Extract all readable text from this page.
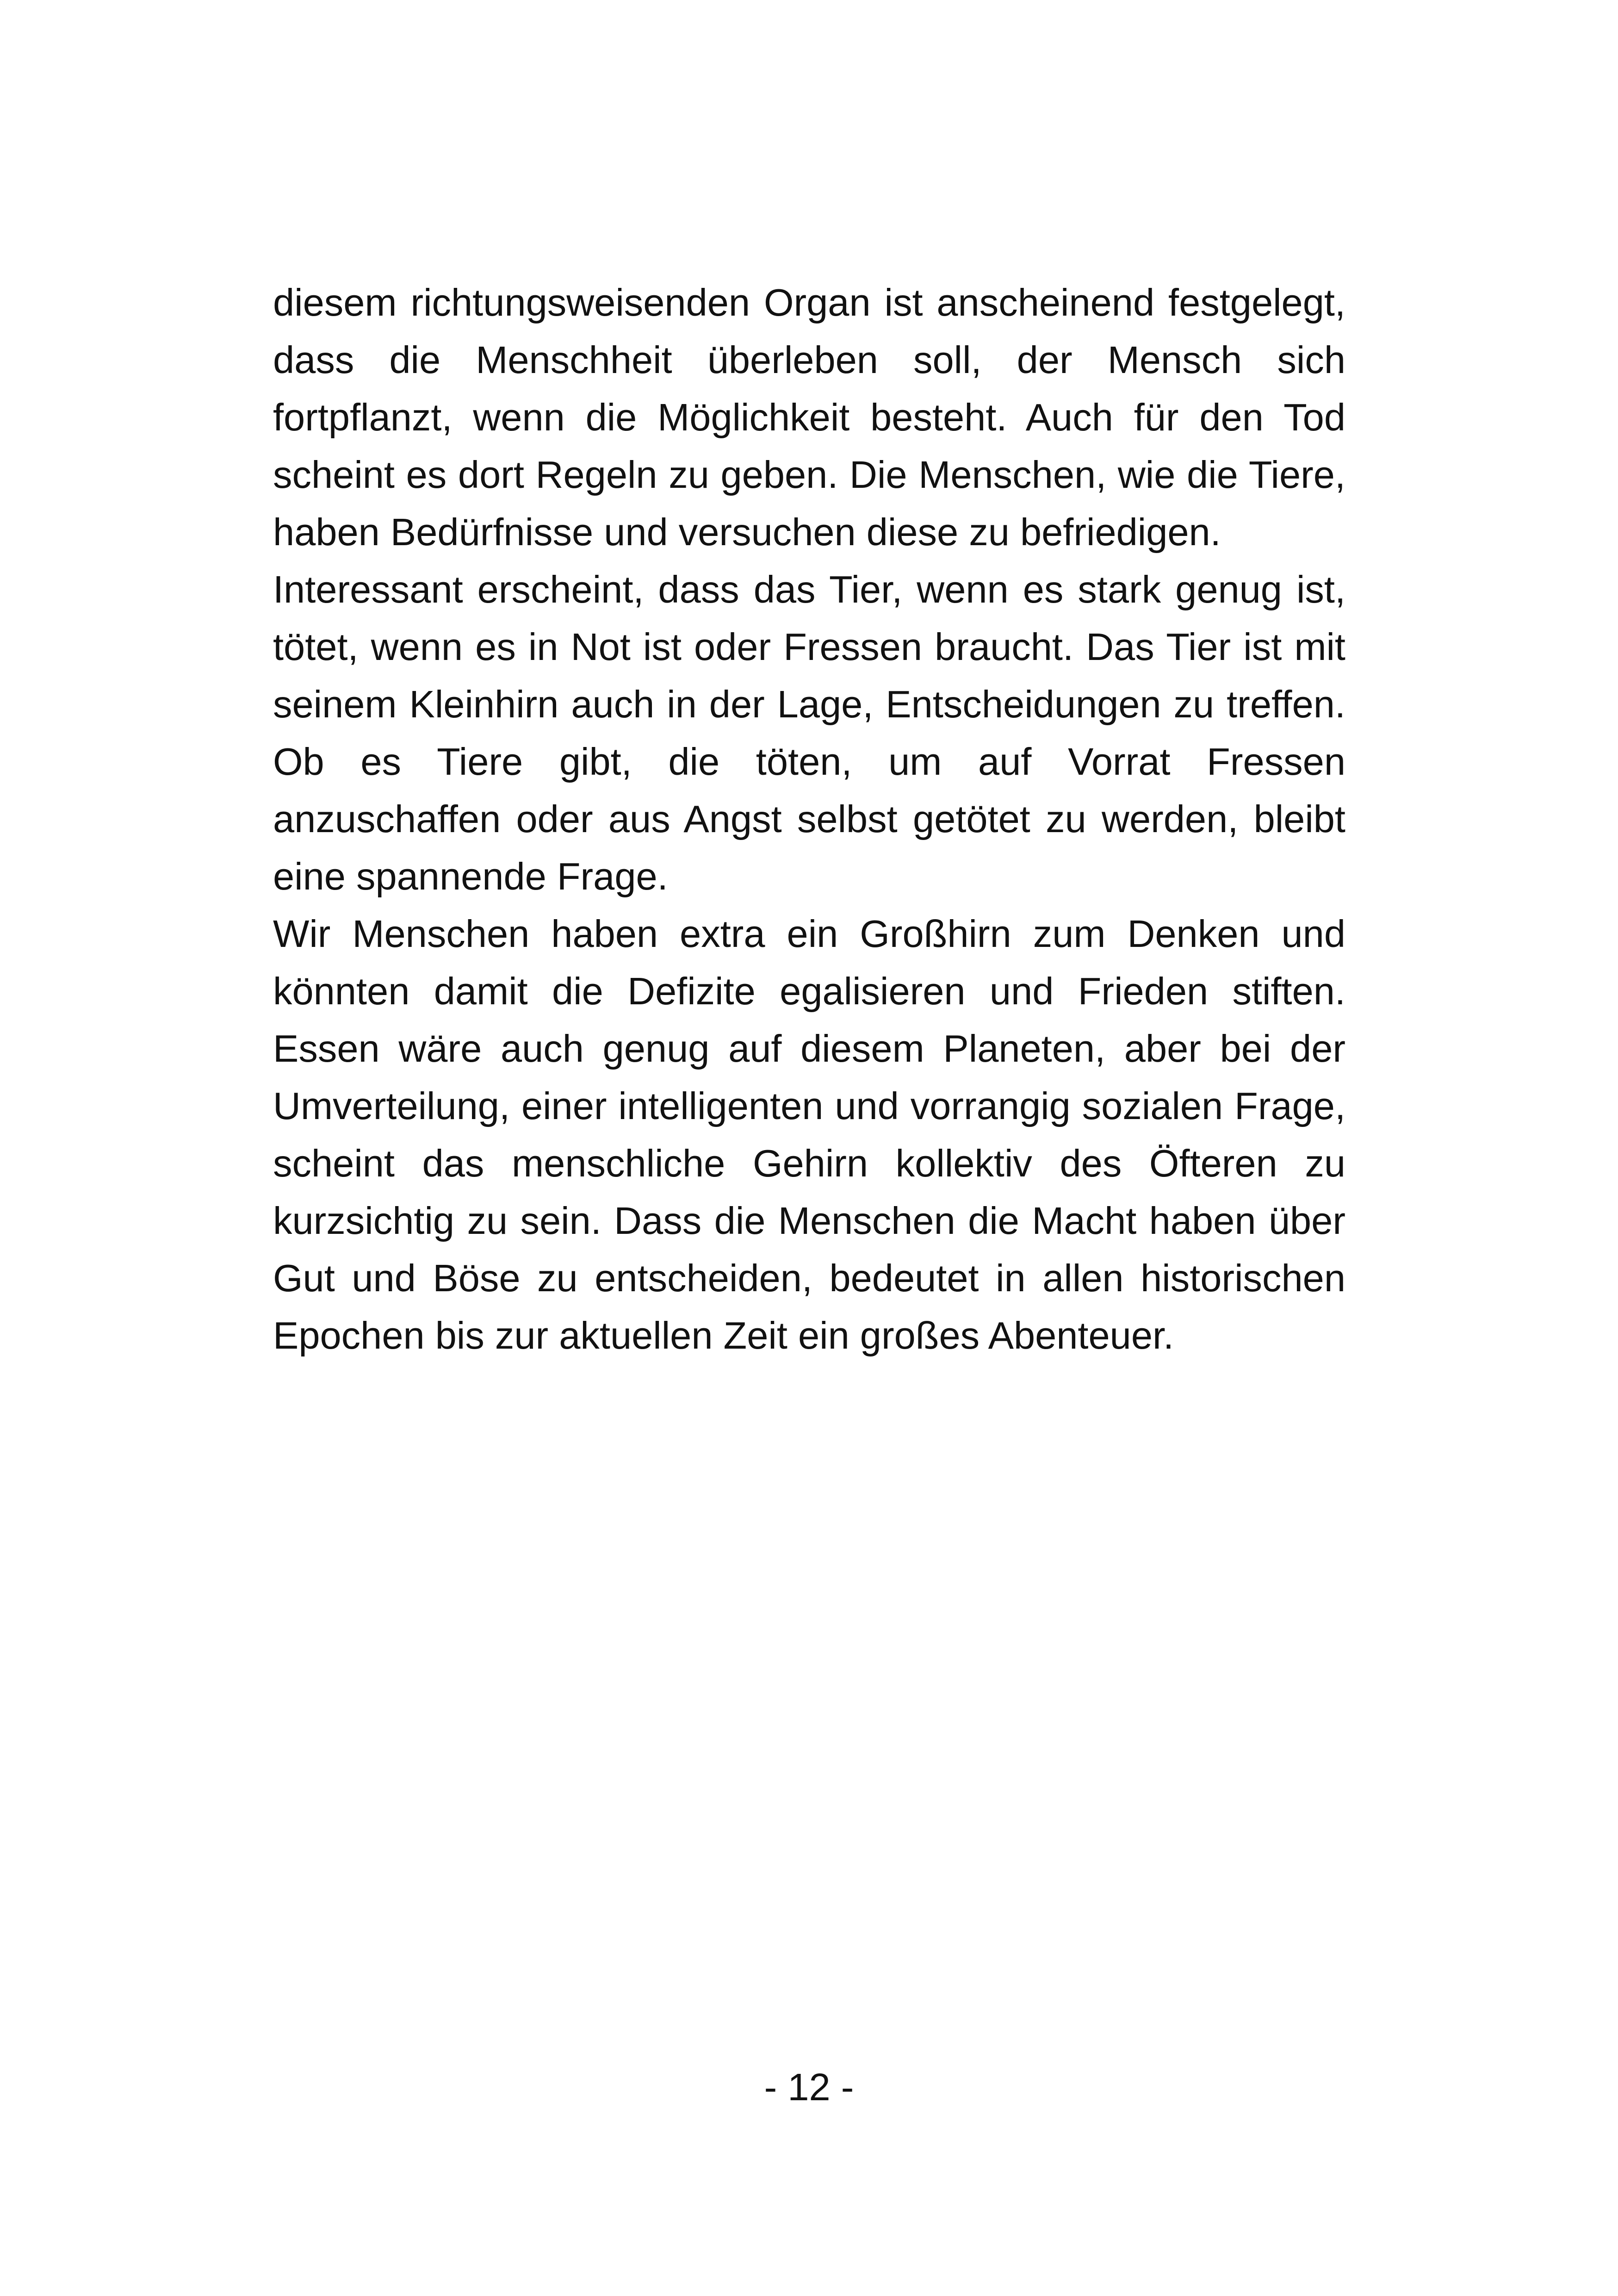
diesem richtungsweisenden Organ ist anscheinend festgelegt, dass die Menschheit überleben soll, der Mensch sich fortpflanzt, wenn die Möglichkeit besteht. Auch für den Tod scheint es dort Regeln zu geben. Die Menschen, wie die Tiere, haben Bedürfnisse und versuchen diese zu befriedigen.

Interessant erscheint, dass das Tier, wenn es stark genug ist, tötet, wenn es in Not ist oder Fressen braucht. Das Tier ist mit seinem Kleinhirn auch in der Lage, Entscheidungen zu treffen. Ob es Tiere gibt, die töten, um auf Vorrat Fressen anzuschaffen oder aus Angst selbst getötet zu werden, bleibt eine spannende Frage.

Wir Menschen haben extra ein Großhirn zum Denken und könnten damit die Defizite egalisieren und Frieden stiften. Essen wäre auch genug auf diesem Planeten, aber bei der Umverteilung, einer intelligenten und vorrangig sozialen Frage, scheint das menschliche Gehirn kollektiv des Öfteren zu kurzsichtig zu sein. Dass die Menschen die Macht haben über Gut und Böse zu entscheiden, bedeutet in allen historischen Epochen bis zur aktuellen Zeit ein großes Abenteuer.

- 12 -
